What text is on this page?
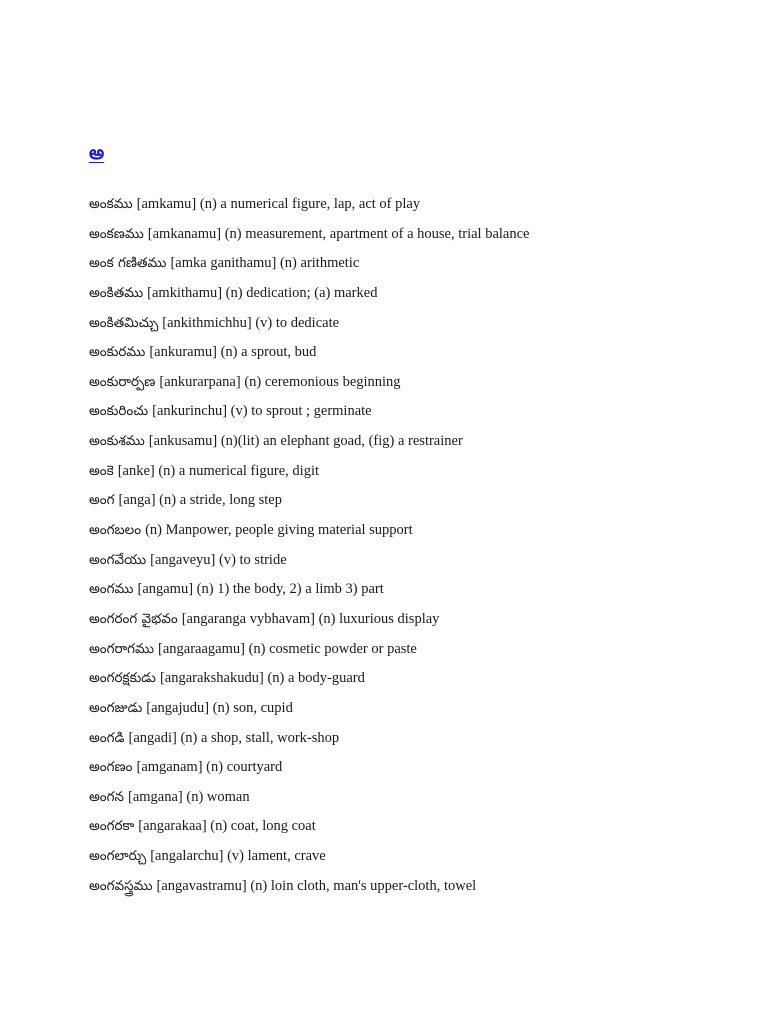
అ
అంకము [amkamu] (n) a numerical figure, lap, act of play
అంకణము [amkanamu] (n) measurement, apartment of a house, trial balance
అంక గణితము [amka ganithamu] (n) arithmetic
అంకితము [amkithamu] (n) dedication; (a) marked
అంకితమిచ్చు [ankithmichhu] (v) to dedicate
అంకురము [ankuramu] (n) a sprout, bud
అంకురార్పణ [ankurarpana] (n) ceremonious beginning
అంకురించు [ankurinchu] (v) to sprout ; germinate
అంకుశము [ankusamu] (n)(lit) an elephant goad, (fig) a restrainer
అంకె [anke] (n) a numerical figure, digit
అంగ [anga] (n) a stride, long step
అంగబలం (n) Manpower, people giving material support
అంగవేయు [angaveyu] (v) to stride
అంగము [angamu] (n) 1) the body, 2) a limb 3) part
అంగరంగ వైభవం [angaranga vybhavam] (n) luxurious display
అంగరాగము [angaraagamu] (n) cosmetic powder or paste
అంగరక్షకుడు [angarakshakudu] (n) a body-guard
అంగజుడు [angajudu] (n) son, cupid
అంగడి [angadi] (n) a shop, stall, work-shop
అంగణం [amganam] (n) courtyard
అంగన [amgana] (n) woman
అంగరకా [angarakaa] (n) coat, long coat
అంగలార్చు [angalarchu] (v) lament, crave
అంగవస్త్రము [angavastramu] (n) loin cloth, man's upper-cloth, towel
